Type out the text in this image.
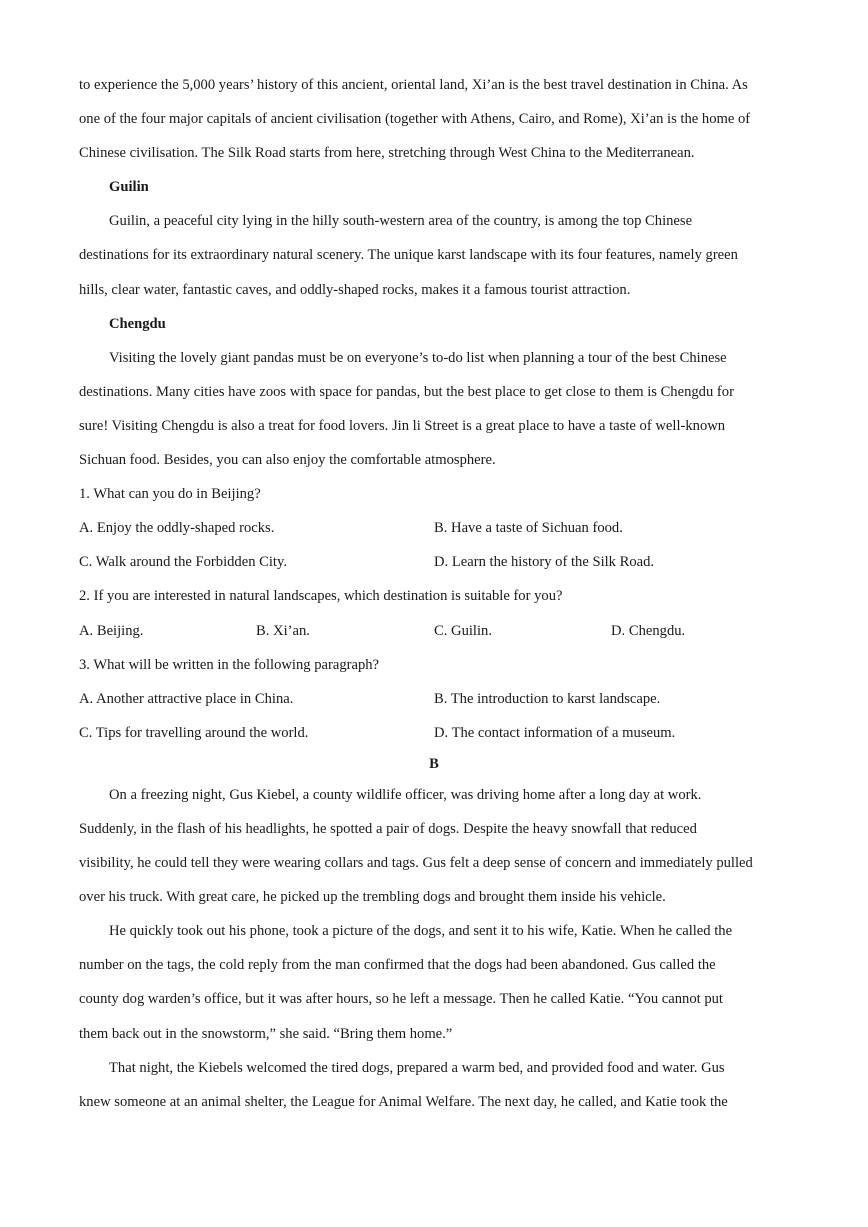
to experience the 5,000 years’ history of this ancient, oriental land, Xi’an is the best travel destination in China. As
one of the four major capitals of ancient civilisation (together with Athens, Cairo, and Rome), Xi’an is the home of
Chinese civilisation. The Silk Road starts from here, stretching through West China to the Mediterranean.
Guilin
Guilin, a peaceful city lying in the hilly south-western area of the country, is among the top Chinese
destinations for its extraordinary natural scenery. The unique karst landscape with its four features, namely green
hills, clear water, fantastic caves, and oddly-shaped rocks, makes it a famous tourist attraction.
Chengdu
Visiting the lovely giant pandas must be on everyone’s to-do list when planning a tour of the best Chinese
destinations. Many cities have zoos with space for pandas, but the best place to get close to them is Chengdu for
sure! Visiting Chengdu is also a treat for food lovers. Jin li Street is a great place to have a taste of well-known
Sichuan food. Besides, you can also enjoy the comfortable atmosphere.
1. What can you do in Beijing?
A. Enjoy the oddly-shaped rocks.	B. Have a taste of Sichuan food.
C. Walk around the Forbidden City.	D. Learn the history of the Silk Road.
2. If you are interested in natural landscapes, which destination is suitable for you?
A. Beijing.	B. Xi’an.	C. Guilin.	D. Chengdu.
3. What will be written in the following paragraph?
A. Another attractive place in China.	B. The introduction to karst landscape.
C. Tips for travelling around the world.	D. The contact information of a museum.
B
On a freezing night, Gus Kiebel, a county wildlife officer, was driving home after a long day at work.
Suddenly, in the flash of his headlights, he spotted a pair of dogs. Despite the heavy snowfall that reduced
visibility, he could tell they were wearing collars and tags. Gus felt a deep sense of concern and immediately pulled
over his truck. With great care, he picked up the trembling dogs and brought them inside his vehicle.
He quickly took out his phone, took a picture of the dogs, and sent it to his wife, Katie. When he called the
number on the tags, the cold reply from the man confirmed that the dogs had been abandoned. Gus called the
county dog warden’s office, but it was after hours, so he left a message. Then he called Katie. “You cannot put
them back out in the snowstorm,” she said. “Bring them home.”
That night, the Kiebels welcomed the tired dogs, prepared a warm bed, and provided food and water. Gus
knew someone at an animal shelter, the League for Animal Welfare. The next day, he called, and Katie took the
